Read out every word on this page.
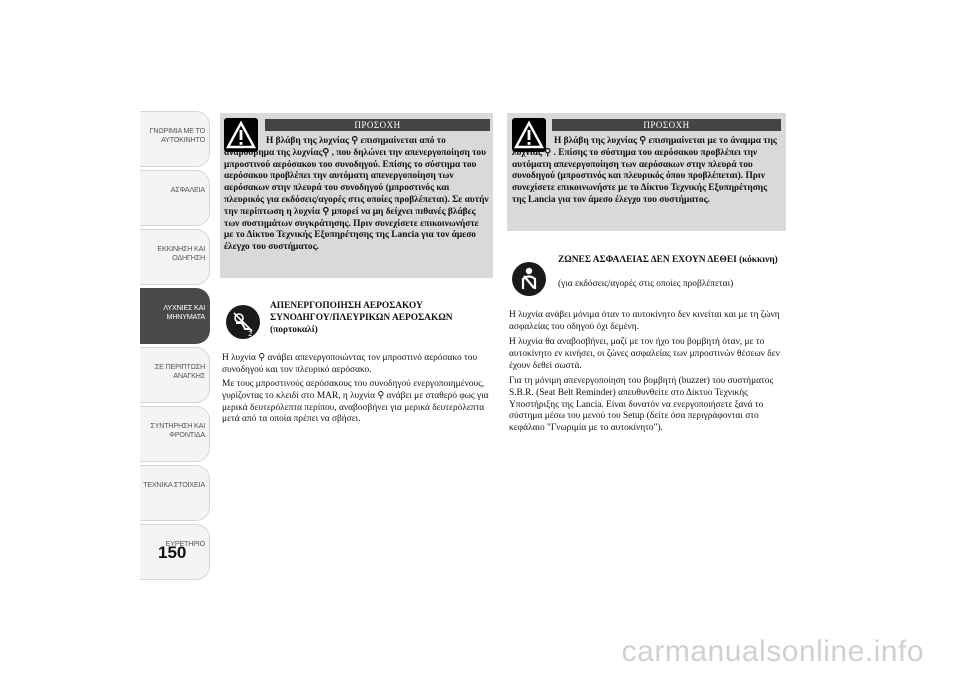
ΓΝΩΡΙΜΙΑ ΜΕ ΤΟ ΑΥΤΟΚΙΝΗΤΟ
ΑΣΦΑΛΕΙΑ
ΕΚΚΙΝΗΣΗ ΚΑΙ ΟΔΗΓΗΣΗ
ΛΥΧΝΙΕΣ ΚΑΙ ΜΗΝΥΜΑΤΑ
ΣΕ ΠΕΡΙΠΤΩΣΗ ΑΝΑΓΚΗΣ
ΣΥΝΤΗΡΗΣΗ ΚΑΙ ΦΡΟΝΤΙΔΑ
ΤΕΧΝΙΚΑ ΣΤΟΙΧΕΙΑ
ΕΥΡΕΤΗΡΙΟ
150
ΠΡΟΣΟΧΗ
Η βλάβη της λυχνίας ⚲ επισημαίνεται από το αναβόσβημα της λυχνίας⚲ , που δηλώνει την απενεργοποίηση του μπροστινού αερόσακου του συνοδηγού. Επίσης το σύστημα του αερόσακου προβλέπει την αυτόματη απενεργοποίηση των αερόσακων στην πλευρά του συνοδηγού (μπροστινός και πλευρικός για εκδόσεις/αγορές στις οποίες προβλέπεται). Σε αυτήν την περίπτωση η λυχνία ⚲ μπορεί να μη δείχνει πιθανές βλάβες των συστημάτων συγκράτησης. Πριν συνεχίσετε επικοινωνήστε με το Δίκτυο Τεχνικής Εξυπηρέτησης της Lancia για τον άμεσο έλεγχο του συστήματος.
2
ΑΠΕΝΕΡΓΟΠΟΙΗΣΗ ΑΕΡΟΣΑΚΟΥ ΣΥΝΟΔΗΓΟΥ/ΠΛΕΥΡΙΚΩΝ ΑΕΡΟΣΑΚΩΝ (πορτοκαλί)
Η λυχνία ⚲ ανάβει απενεργοποιώντας τον μπροστινό αερόσακο του συνοδηγού και τον πλευρικό αερόσακο.
Με τους μπροστινούς αερόσακους του συνοδηγού ενεργοποιημένους, γυρίζοντας το κλειδί στο MAR, η λυχνία ⚲ ανάβει με σταθερό φως για μερικά δευτερόλεπτα περίπου, αναβοσβήνει για μερικά δευτερόλεπτα μετά από τα οποία πρέπει να σβήσει.
ΠΡΟΣΟΧΗ
Η βλάβη της λυχνίας ⚲ επισημαίνεται με το άναμμα της λυχνίας ⚲ . Επίσης το σύστημα του αερόσακου προβλέπει την αυτόματη απενεργοποίηση των αερόσακων στην πλευρά του συνοδηγού (μπροστινός και πλευρικός όπου προβλέπεται). Πριν συνεχίσετε επικοινωνήστε με το Δίκτυο Τεχνικής Εξυπηρέτησης της Lancia για τον άμεσο έλεγχο του συστήματος.
ΖΩΝΕΣ ΑΣΦΑΛΕΙΑΣ ΔΕΝ ΕΧΟΥΝ ΔΕΘΕΙ (κόκκινη)
(για εκδόσεις/αγορές στις οποίες προβλέπεται)
Η λυχνία ανάβει μόνιμα όταν το αυτοκίνητο δεν κινείται και με τη ζώνη ασφαλείας του οδηγού όχι δεμένη.
Η λυχνία θα αναβοσβήνει, μαζί με τον ήχο του βομβητή όταν, με το αυτοκίνητο εν κινήσει, οι ζώνες ασφαλείας των μπροστινών θέσεων δεν έχουν δεθεί σωστά.
Για τη μόνιμη απενεργοποίηση του βομβητή (buzzer) του συστήματος S.B.R. (Seat Belt Reminder) απευθυνθείτε στο Δίκτυο Τεχνικής Υποστήριξης της Lancia. Είναι δυνατόν να ενεργοποιήσετε ξανά το σύστημα μέσω του μενού του Setup (δείτε όσα περιγράφονται στο κεφάλαιο "Γνωριμία με το αυτοκίνητο").
carmanualsonline.info
